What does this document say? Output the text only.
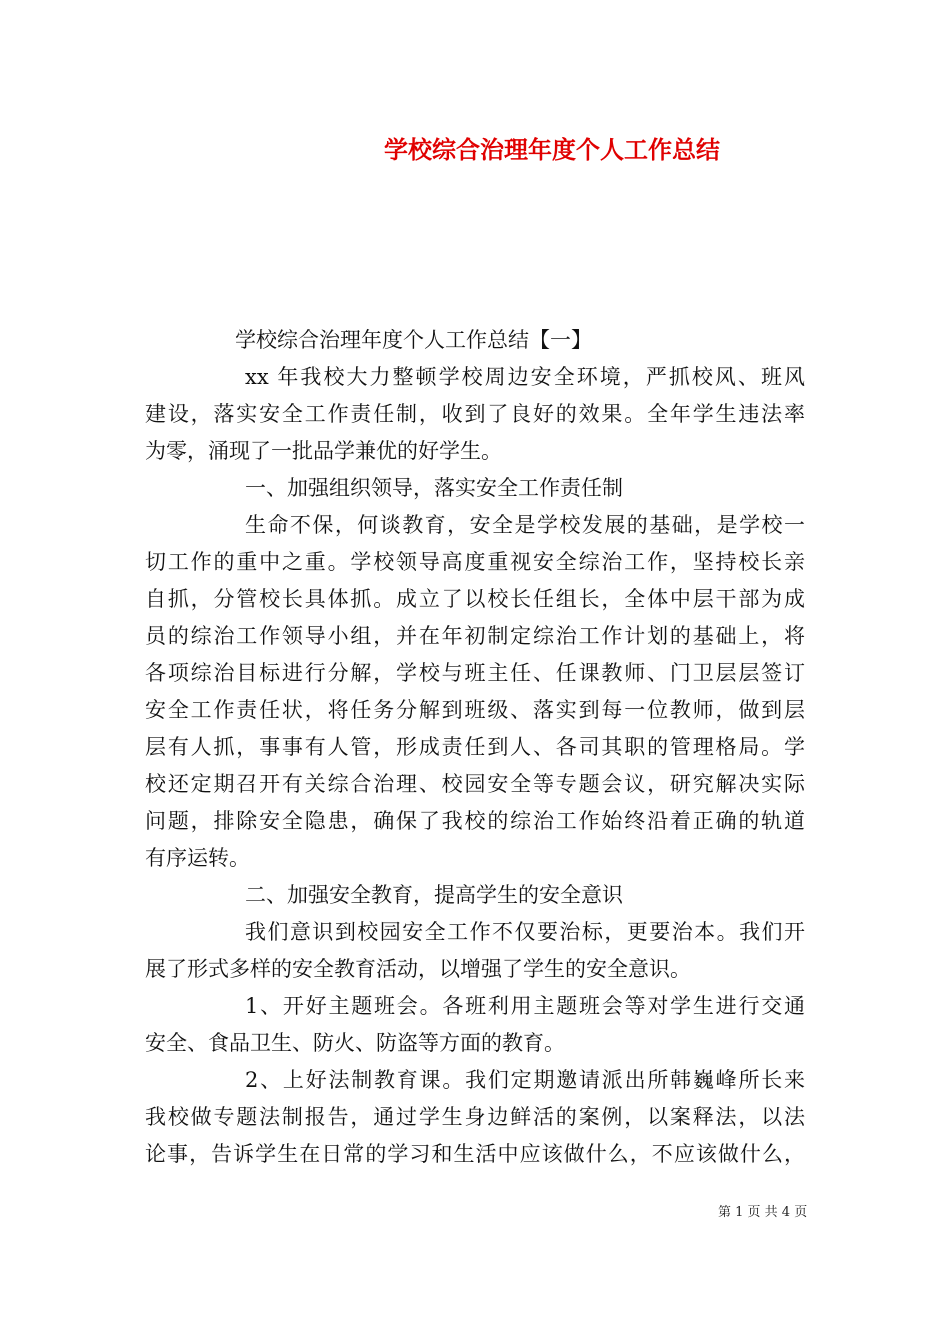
学校综合治理年度个人工作总结
学校综合治理年度个人工作总结【一】
xx 年我校大力整顿学校周边安全环境，严抓校风、班风
建设，落实安全工作责任制，收到了良好的效果。全年学生违法率
为零，涌现了一批品学兼优的好学生。
一、加强组织领导，落实安全工作责任制
生命不保，何谈教育，安全是学校发展的基础，是学校一
切工作的重中之重。学校领导高度重视安全综治工作，坚持校长亲
自抓，分管校长具体抓。成立了以校长任组长，全体中层干部为成
员的综治工作领导小组，并在年初制定综治工作计划的基础上，将
各项综治目标进行分解，学校与班主任、任课教师、门卫层层签订
安全工作责任状，将任务分解到班级、落实到每一位教师，做到层
层有人抓，事事有人管，形成责任到人、各司其职的管理格局。学
校还定期召开有关综合治理、校园安全等专题会议，研究解决实际
问题，排除安全隐患，确保了我校的综治工作始终沿着正确的轨道
有序运转。
二、加强安全教育，提高学生的安全意识
我们意识到校园安全工作不仅要治标，更要治本。我们开
展了形式多样的安全教育活动，以增强了学生的安全意识。
1、开好主题班会。各班利用主题班会等对学生进行交通
安全、食品卫生、防火、防盗等方面的教育。
2、上好法制教育课。我们定期邀请派出所韩巍峰所长来
我校做专题法制报告，通过学生身边鲜活的案例，以案释法，以法
论事，告诉学生在日常的学习和生活中应该做什么，不应该做什么，
第 1 页 共 4 页
